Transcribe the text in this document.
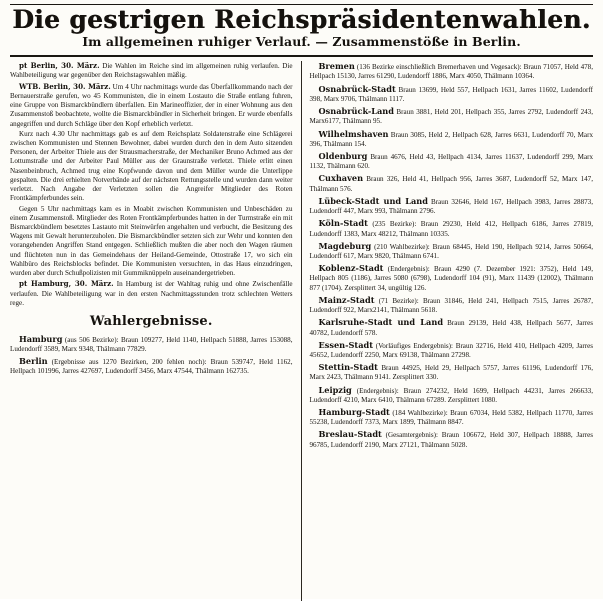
Die gestrigen Reichspräsidentenwahlen.
Im allgemeinen ruhiger Verlauf. — Zusammenstöße in Berlin.

pt Berlin, 30. März. Die Wahlen im Reiche sind im allgemeinen ruhig verlaufen. Die Wahlbeteiligung war gegenüber den Reichstagswahlen mäßig.

WTB. Berlin, 30. März. Um 4 Uhr nachmittags wurde das Überfallkommando nach der Bernauerstraße gerufen, wo 45 Kommunisten, die in einem Lostauto die Straße entlang fuhren, eine Gruppe von Bismarckbündlern überfallen. Ein Marineoffizier, der in einer Wohnung aus den Zusammenstoß beobachtete, wollte die Bismarckbündler in Sicherheit bringen. Er wurde ebenfalls angegriffen und durch Schläge über den Kopf erheblich verletzt.

Kurz nach 4.30 Uhr nachmittags gab es auf dem Reichsplatz Soldatenstraße eine Schlägerei zwischen Kommunisten und Stennen Bewohner, dabei wurden durch den in dem Auto sitzenden Personen, der Arbeiter Thiele aus der Strausmacherstraße, der Mechaniker Bruno Achmed aus der Lottumstraße und der Arbeiter Paul Müller aus der Graunstraße verletzt. Thiele erlitt einen Nasenbeinbruch, Achmed trug eine Kopfwunde davon und dem Müller wurde die Unterlippe gespalten. Die drei erhielten Notverbände auf der nächsten Rettungsstelle und wurden dann weiter verletzt. Nach Angabe der Verletzten sollen die Angreifer Mitglieder des Roten Frontkämpferbundes sein.

Gegen 5 Uhr nachmittags kam es in Moabit zwischen Kommunisten und Unbeschäden zu einem Zusammenstoß. Mitglieder des Roten Frontkämpferbundes hatten in der Turmstraße ein mit Bismarckbündlern besetztes Lastauto mit Steinwürfen angehalten und verbucht, die Besitzung des Wagens mit Gewalt herunterzuholen. Die Bismarckbündler setzten sich zur Wehr und konnten den vorangehenden Angriffen Stand entgegen. Schließlich mußten die aber noch den Wagen räumen und flüchteten nun in das Gemeindehaus der Heiland-Gemeinde, Ottostraße 17, wo sich ein Wahlbüro des Reichsblocks befindet. Die Kommunisten versuchten, in das Haus einzudringen, wurden aber durch Schußpolizisten mit Gummiknüppeln auseinandergetrieben.

pt Hamburg, 30. März. In Hamburg ist der Wahltag ruhig und ohne Zwischenfälle verlaufen. Die Wahlbeteiligung war in den ersten Nachmittagsstunden trotz schlechten Wetters rege.

Wahlergebnisse.

Hamburg (aus 506 Bezirke): Braun 109277, Held 1140, Hellpach 51888, Jarres 153088, Ludendorff 3589, Marx 9348, Thälmann 77829.

Berlin (Ergebnisse aus 1270 Bezirken, 200 fehlen noch): Braun 539747, Held 1162, Hellpach 101996, Jarres 427697, Ludendorff 3456, Marx 47544, Thälmann 162735.

Bremen (136 Bezirke einschließlich Bremerhaven und Vegesack): Braun 71057, Held 478, Hellpach 15130, Jarres 61290, Ludendorff 1886, Marx 4050, Thälmann 10364.

Osnabrück-Stadt Braun 13699, Held 557, Hellpach 1631, Jarres 11602, Ludendorff 398, Marx 9706, Thälmann 1117.

Osnabrück-Land Braun 3881, Held 201, Hellpach 355, Jarres 2792, Ludendorff 243, Marx6177, Thälmann 95.

Wilhelmshaven Braun 3085, Held 2, Hellpach 628, Jarres 6631, Ludendorff 70, Marx 396, Thälmann 154.

Oldenburg Braun 4676, Held 43, Hellpach 4134, Jarres 11637, Ludendorff 299, Marx 1132, Thälmann 620.

Cuxhaven Braun 326, Held 41, Hellpach 956, Jarres 3687, Ludendorff 52, Marx 147, Thälmann 576.

Lübeck-Stadt und Land Braun 32646, Held 167, Hellpach 3983, Jarres 28873, Ludendorff 447, Marx 993, Thälmann 2796.

Köln-Stadt (235 Bezirke): Braun 29230, Held 412, Hellpach 6186, Jarres 27819, Ludendorff 1383, Marx 48212, Thälmann 10335.

Magdeburg (210 Wahlbezirke): Braun 68445, Held 190, Hellpach 9214, Jarres 50664, Ludendorff 617, Marx 9820, Thälmann 6741.

Koblenz-Stadt (Endergebnis): Braun 4290 (7. Dezember 1921: 3752), Held 149, Hellpach 805 (1186), Jarres 5080 (6798), Ludendorff 104 (91), Marx 11439 (12002), Thälmann 877 (1704). Zersplittert 34, ungültig 126.

Mainz-Stadt (71 Bezirke): Braun 31846, Held 241, Hellpach 7515, Jarres 26787, Ludendorff 922, Marx2141, Thälmann 5618.

Karlsruhe-Stadt und Land Braun 29139, Held 438, Hellpach 5677, Jarres 40782, Ludendorff 578.

Essen-Stadt (Vorläufiges Endergebnis): Braun 32716, Held 410, Hellpach 4209, Jarres 45652, Ludendorff 2250, Marx 69138, Thälmann 27298.

Stettin-Stadt Braun 44925, Held 29, Hellpach 5757, Jarres 61196, Ludendorff 176, Marx 2423, Thälmann 9141. Zersplittert 330.

Leipzig (Endergebnis): Braun 274232, Held 1699, Hellpach 44231, Jarres 266633, Ludendorff 4210, Marx 6410, Thälmann 67289. Zersplittert 1080.

Hamburg-Stadt (184 Wahlbezirke): Braun 67034, Held 5382, Hellpach 11770, Jarres 55238, Ludendorff 7373, Marx 1899, Thälmann 8847.

Breslau-Stadt (Gesamtergebnis): Braun 106672, Held 307, Hellpach 18888, Jarres 96785, Ludendorff 2190, Marx 27121, Thälmann 5028.
